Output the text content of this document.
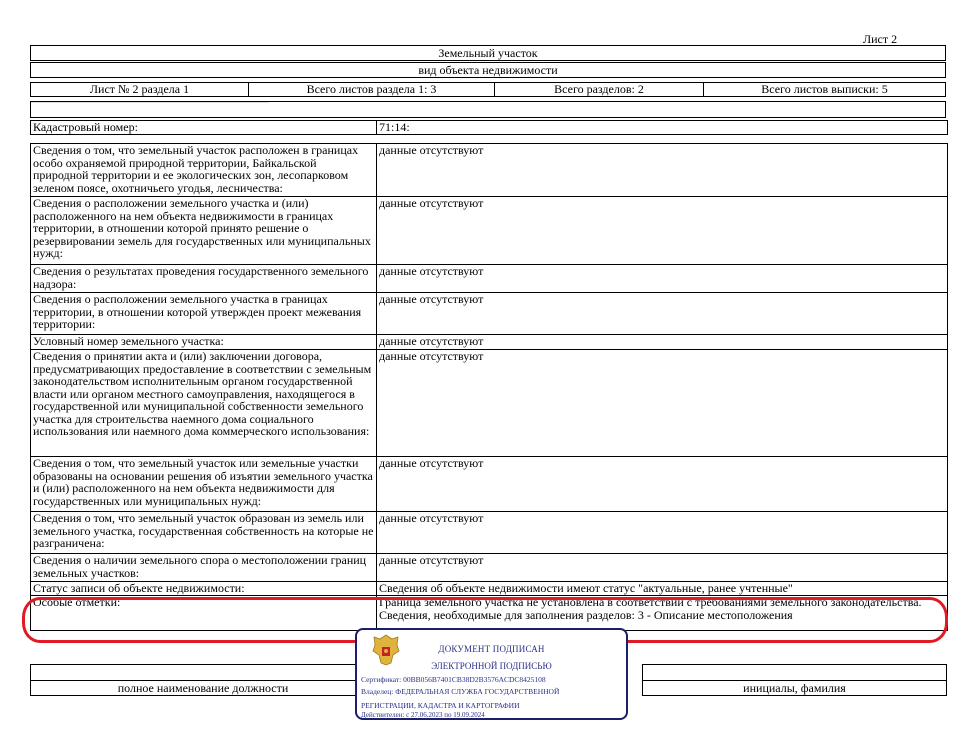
Лист 2
Земельный участок
вид объекта недвижимости
Лист № 2 раздела 1	Всего листов раздела 1: 3	Всего разделов: 2	Всего листов выписки: 5
Кадастровый номер:	71:14:

Сведения о том, что земельный участок расположен в границах особо охраняемой природной территории, Байкальской природной территории и ее экологических зон, лесопарковом зеленом поясе, охотничьего угодья, лесничества:	данные отсутствуют
Сведения о расположении земельного участка и (или) расположенного на нем объекта недвижимости в границах территории, в отношении которой принято решение о резервировании земель для государственных или муниципальных нужд:	данные отсутствуют
Сведения о результатах проведения государственного земельного надзора:	данные отсутствуют
Сведения о расположении земельного участка в границах территории, в отношении которой утвержден проект межевания территории:	данные отсутствуют
Условный номер земельного участка:	данные отсутствуют
Сведения о принятии акта и (или) заключении договора, предусматривающих предоставление в соответствии с земельным законодательством исполнительным органом государственной власти или органом местного самоуправления, находящегося в государственной или муниципальной собственности земельного участка для строительства наемного дома социального использования или наемного дома коммерческого использования:	данные отсутствуют
Сведения о том, что земельный участок или земельные участки образованы на основании решения об изъятии земельного участка и (или) расположенного на нем объекта недвижимости для государственных или муниципальных нужд:	данные отсутствуют
Сведения о том, что земельный участок образован из земель или земельного участка, государственная собственность на которые не разграничена:	данные отсутствуют
Сведения о наличии земельного спора о местоположении границ земельных участков:	данные отсутствуют
Статус записи об объекте недвижимости:	Сведения об объекте недвижимости имеют статус "актуальные, ранее учтенные"
Особые отметки:	Граница земельного участка не установлена в соответствии с требованиями земельного законодательства. Сведения, необходимые для заполнения разделов: 3 - Описание местоположения
полное наименование должности	инициалы, фамилия
ДОКУМЕНТ ПОДПИСАН
ЭЛЕКТРОННОЙ ПОДПИСЬЮ
Сертификат: 00BB056B7401CB38D2B3576ACDC8425108
Владелец: ФЕДЕРАЛЬНАЯ СЛУЖБА ГОСУДАРСТВЕННОЙ
РЕГИСТРАЦИИ, КАДАСТРА И КАРТОГРАФИИ
Действителен: с 27.06.2023 по 19.09.2024
